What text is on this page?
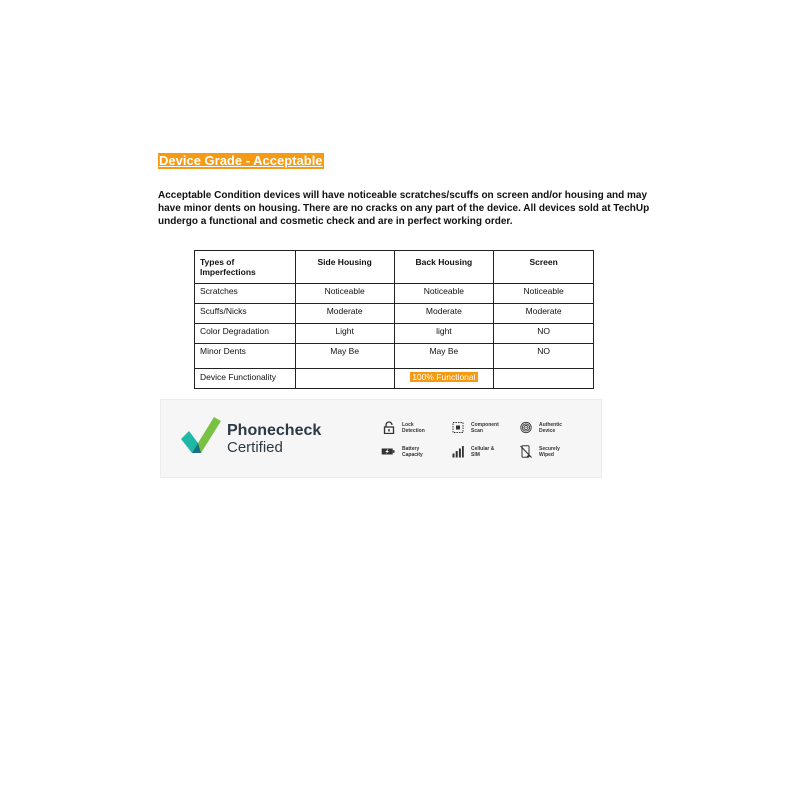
Device Grade - Acceptable
Acceptable Condition devices will have noticeable scratches/scuffs on screen and/or housing and may have minor dents on housing. There are no cracks on any part of the device. All devices sold at TechUp undergo a functional and cosmetic check and are in perfect working order.
Types of Imperfections	Side Housing	Back Housing	Screen
Scratches	Noticeable	Noticeable	Noticeable
Scuffs/Nicks	Moderate	Moderate	Moderate
Color Degradation	Light	light	NO
Minor Dents	May Be	May Be	NO
Device Functionality		100% Functional	
Phonecheck
Certified
Lock Detection
Component Scan
Authentic Device
Battery Capacity
Cellular & SIM
Securely Wiped
